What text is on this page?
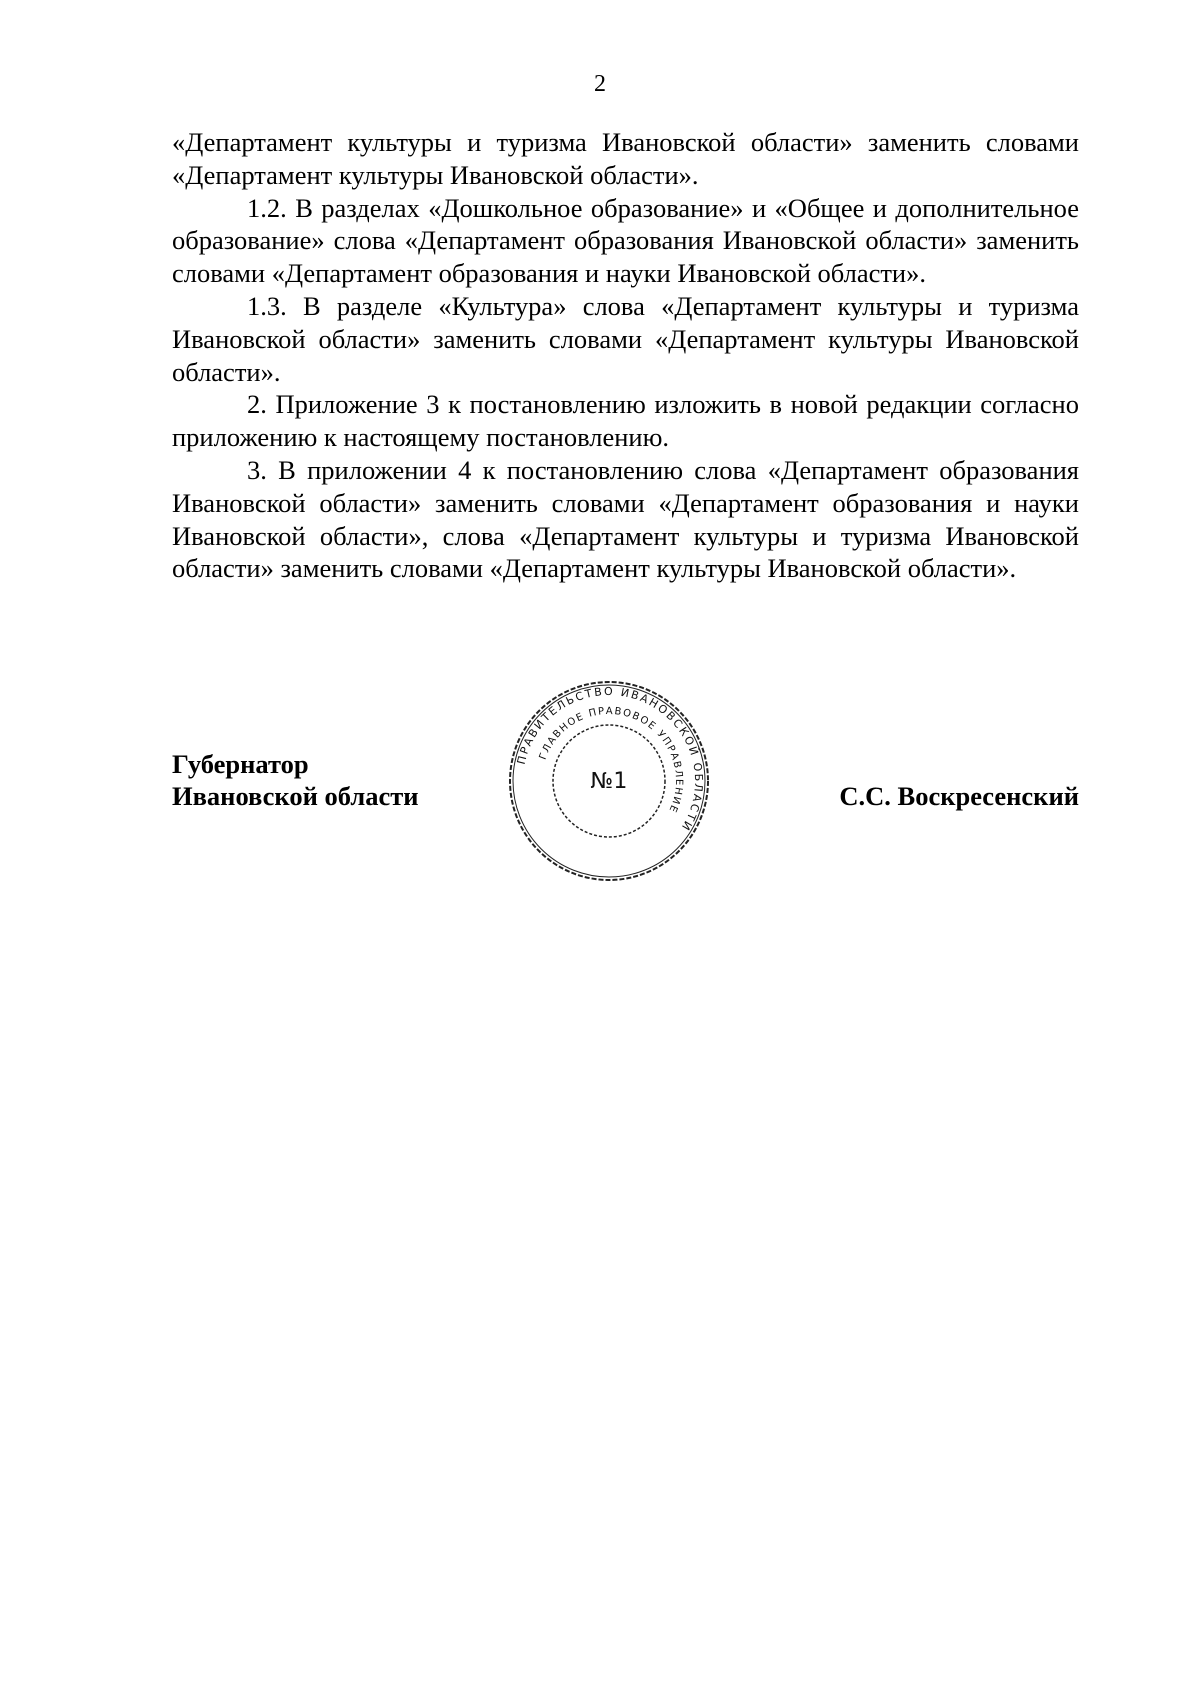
2

«Департамент культуры и туризма Ивановской области» заменить словами «Департамент культуры Ивановской области».

1.2. В разделах «Дошкольное образование» и «Общее и дополнительное образование» слова «Департамент образования Ивановской области» заменить словами «Департамент образования и науки Ивановской области».

1.3. В разделе «Культура» слова «Департамент культуры и туризма Ивановской области» заменить словами «Департамент культуры Ивановской области».

2. Приложение 3 к постановлению изложить в новой редакции согласно приложению к настоящему постановлению.

3. В приложении 4 к постановлению слова «Департамент образования Ивановской области» заменить словами «Департамент образования и науки Ивановской области», слова «Департамент культуры и туризма Ивановской области» заменить словами «Департамент культуры Ивановской области».

Губернатор
Ивановской области
ПРАВИТЕЛЬСТВО ИВАНОВСКОЙ ОБЛАСТИ
ГЛАВНОЕ ПРАВОВОЕ УПРАВЛЕНИЕ
№1	С.С. Воскресенский
